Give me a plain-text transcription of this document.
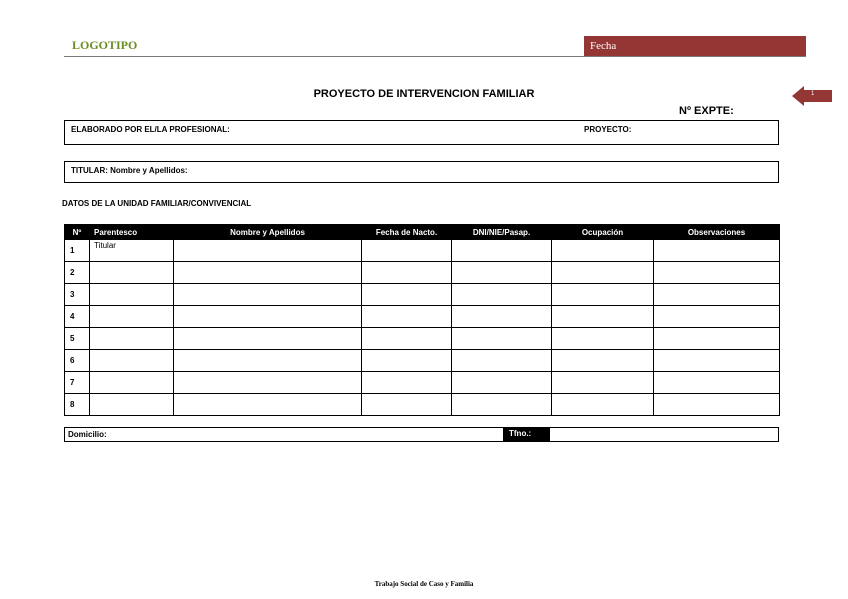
LOGOTIPO	Fecha
1
PROYECTO DE INTERVENCION FAMILIAR
Nº EXPTE:
ELABORADO POR EL/LA PROFESIONAL:	PROYECTO:
TITULAR: Nombre y Apellidos:
DATOS DE LA UNIDAD FAMILIAR/CONVIVENCIAL
Nº	Parentesco	Nombre y Apellidos	Fecha de Nacto.	DNI/NIE/Pasap.	Ocupación	Observaciones
1	Titular					
2						
3						
4						
5						
6						
7						
8						
Domicilio:	Tfno.:
Trabajo Social de Caso y Familia
